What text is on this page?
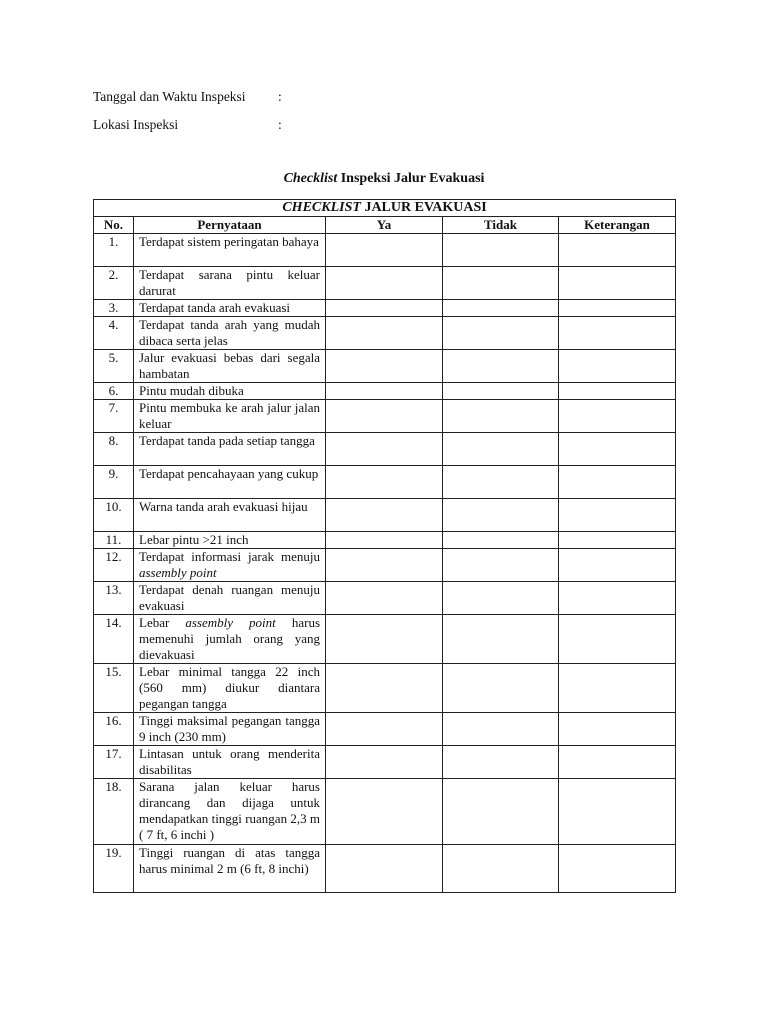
Tanggal dan Waktu Inspeksi :
Lokasi Inspeksi	:
Checklist Inspeksi Jalur Evakuasi
CHECKLIST JALUR EVAKUASI				
No.	Pernyataan	Ya	Tidak	Keterangan
1.	Terdapat sistem peringatan bahaya			
2.	Terdapat sarana pintu keluar darurat			
3.	Terdapat tanda arah evakuasi			
4.	Terdapat tanda arah yang mudah dibaca serta jelas			
5.	Jalur evakuasi bebas dari segala hambatan			
6.	Pintu mudah dibuka			
7.	Pintu membuka ke arah jalur jalan keluar			
8.	Terdapat tanda pada setiap tangga			
9.	Terdapat pencahayaan yang cukup			
10.	Warna tanda arah evakuasi hijau			
11.	Lebar pintu >21 inch			
12.	Terdapat informasi jarak menuju assembly point			
13.	Terdapat denah ruangan menuju evakuasi			
14.	Lebar assembly point harus memenuhi jumlah orang yang dievakuasi			
15.	Lebar minimal tangga 22 inch (560 mm) diukur diantara pegangan tangga			
16.	Tinggi maksimal pegangan tangga 9 inch (230 mm)			
17.	Lintasan untuk orang menderita disabilitas			
18.	Sarana jalan keluar harus dirancang dan dijaga untuk mendapatkan tinggi ruangan 2,3 m ( 7 ft, 6 inchi )			
19.	Tinggi ruangan di atas tangga harus minimal 2 m (6 ft, 8 inchi)			
